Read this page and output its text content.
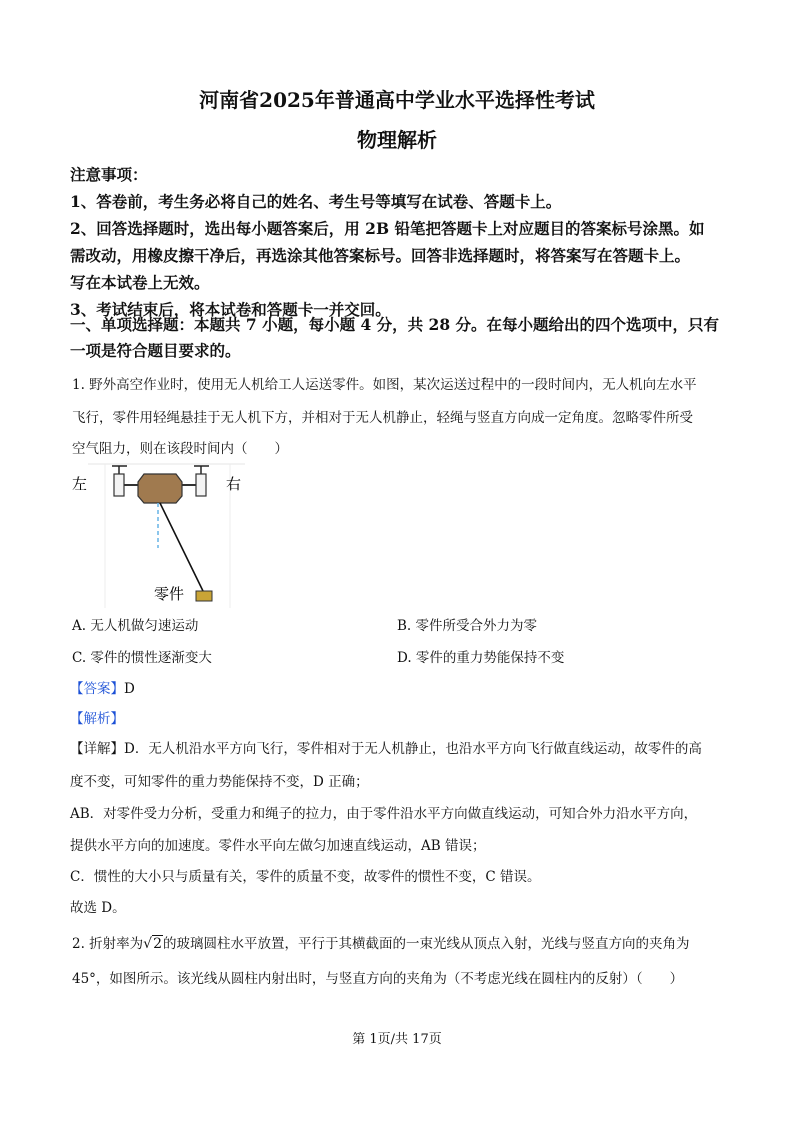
河南省2025年普通高中学业水平选择性考试
物理解析
注意事项：
1、答卷前，考生务必将自己的姓名、考生号等填写在试卷、答题卡上。
2、回答选择题时，选出每小题答案后，用 2B 铅笔把答题卡上对应题目的答案标号涂黑。如
需改动，用橡皮擦干净后，再选涂其他答案标号。回答非选择题时，将答案写在答题卡上。
写在本试卷上无效。
3、考试结束后，将本试卷和答题卡一并交回。
一、单项选择题：本题共 7 小题，每小题 4 分，共 28 分。在每小题给出的四个选项中，只有
一项是符合题目要求的。
1. 野外高空作业时，使用无人机给工人运送零件。如图，某次运送过程中的一段时间内，无人机向左水平
飞行，零件用轻绳悬挂于无人机下方，并相对于无人机静止，轻绳与竖直方向成一定角度。忽略零件所受
空气阻力，则在该段时间内（　　）
左	右
零件
A. 无人机做匀速运动	B. 零件所受合外力为零
C. 零件的惯性逐渐变大	D. 零件的重力势能保持不变
【答案】D
【解析】
【详解】D．无人机沿水平方向飞行，零件相对于无人机静止，也沿水平方向飞行做直线运动，故零件的高
度不变，可知零件的重力势能保持不变，D 正确；
AB．对零件受力分析，受重力和绳子的拉力，由于零件沿水平方向做直线运动，可知合外力沿水平方向，
提供水平方向的加速度。零件水平向左做匀加速直线运动，AB 错误；
C．惯性的大小只与质量有关，零件的质量不变，故零件的惯性不变，C 错误。
故选 D。
2. 折射率为√2的玻璃圆柱水平放置，平行于其横截面的一束光线从顶点入射，光线与竖直方向的夹角为
45°，如图所示。该光线从圆柱内射出时，与竖直方向的夹角为（不考虑光线在圆柱内的反射）（　　）
第 1页/共 17页
